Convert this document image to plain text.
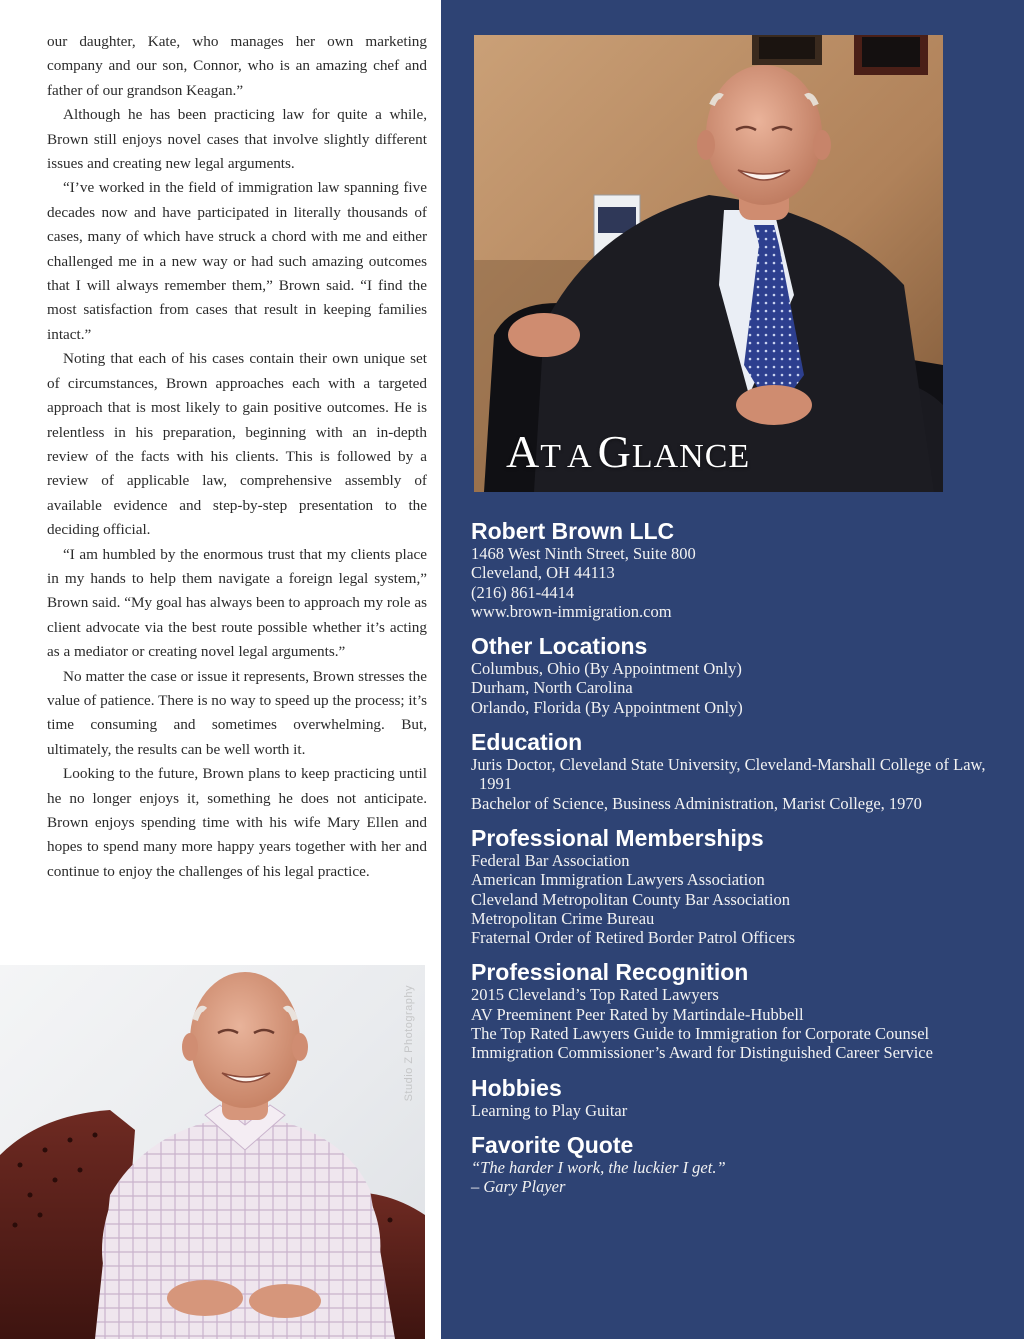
our daughter, Kate, who manages her own marketing company and our son, Connor, who is an amazing chef and father of our grandson Keagan.”

Although he has been practicing law for quite a while, Brown still enjoys novel cases that involve slightly different issues and creating new legal arguments.

“I’ve worked in the field of immigration law spanning five decades now and have participated in literally thousands of cases, many of which have struck a chord with me and either challenged me in a new way or had such amazing outcomes that I will always remember them,” Brown said. “I find the most satisfaction from cases that result in keeping families intact.”

Noting that each of his cases contain their own unique set of circumstances, Brown approaches each with a targeted approach that is most likely to gain positive outcomes. He is relentless in his preparation, beginning with an in-depth review of the facts with his clients. This is followed by a review of applicable law, comprehensive assembly of available evidence and step-by-step presentation to the deciding official.

“I am humbled by the enormous trust that my clients place in my hands to help them navigate a foreign legal system,” Brown said. “My goal has always been to approach my role as client advocate via the best route possible whether it’s acting as a mediator or creating novel legal arguments.”

No matter the case or issue it represents, Brown stresses the value of patience. There is no way to speed up the process; it’s time consuming and sometimes overwhelming. But, ultimately, the results can be well worth it.

Looking to the future, Brown plans to keep practicing until he no longer enjoys it, something he does not anticipate. Brown enjoys spending time with his wife Mary Ellen and hopes to spend many more happy years together with her and continue to enjoy the challenges of his legal practice.

Studio Z Photography
AT A GLANCE
Robert Brown LLC

1468 West Ninth Street, Suite 800

Cleveland, OH 44113

(216) 861-4414

www.brown-immigration.com

Other Locations

Columbus, Ohio (By Appointment Only)

Durham, North Carolina

Orlando, Florida (By Appointment Only)

Education

Juris Doctor, Cleveland State University, Cleveland-Marshall College of Law, 1991

Bachelor of Science, Business Administration, Marist College, 1970

Professional Memberships

Federal Bar Association

American Immigration Lawyers Association

Cleveland Metropolitan County Bar Association

Metropolitan Crime Bureau

Fraternal Order of Retired Border Patrol Officers

Professional Recognition

2015 Cleveland’s Top Rated Lawyers

AV Preeminent Peer Rated by Martindale-Hubbell

The Top Rated Lawyers Guide to Immigration for Corporate Counsel

Immigration Commissioner’s Award for Distinguished Career Service

Hobbies

Learning to Play Guitar

Favorite Quote

“The harder I work, the luckier I get.”

– Gary Player
